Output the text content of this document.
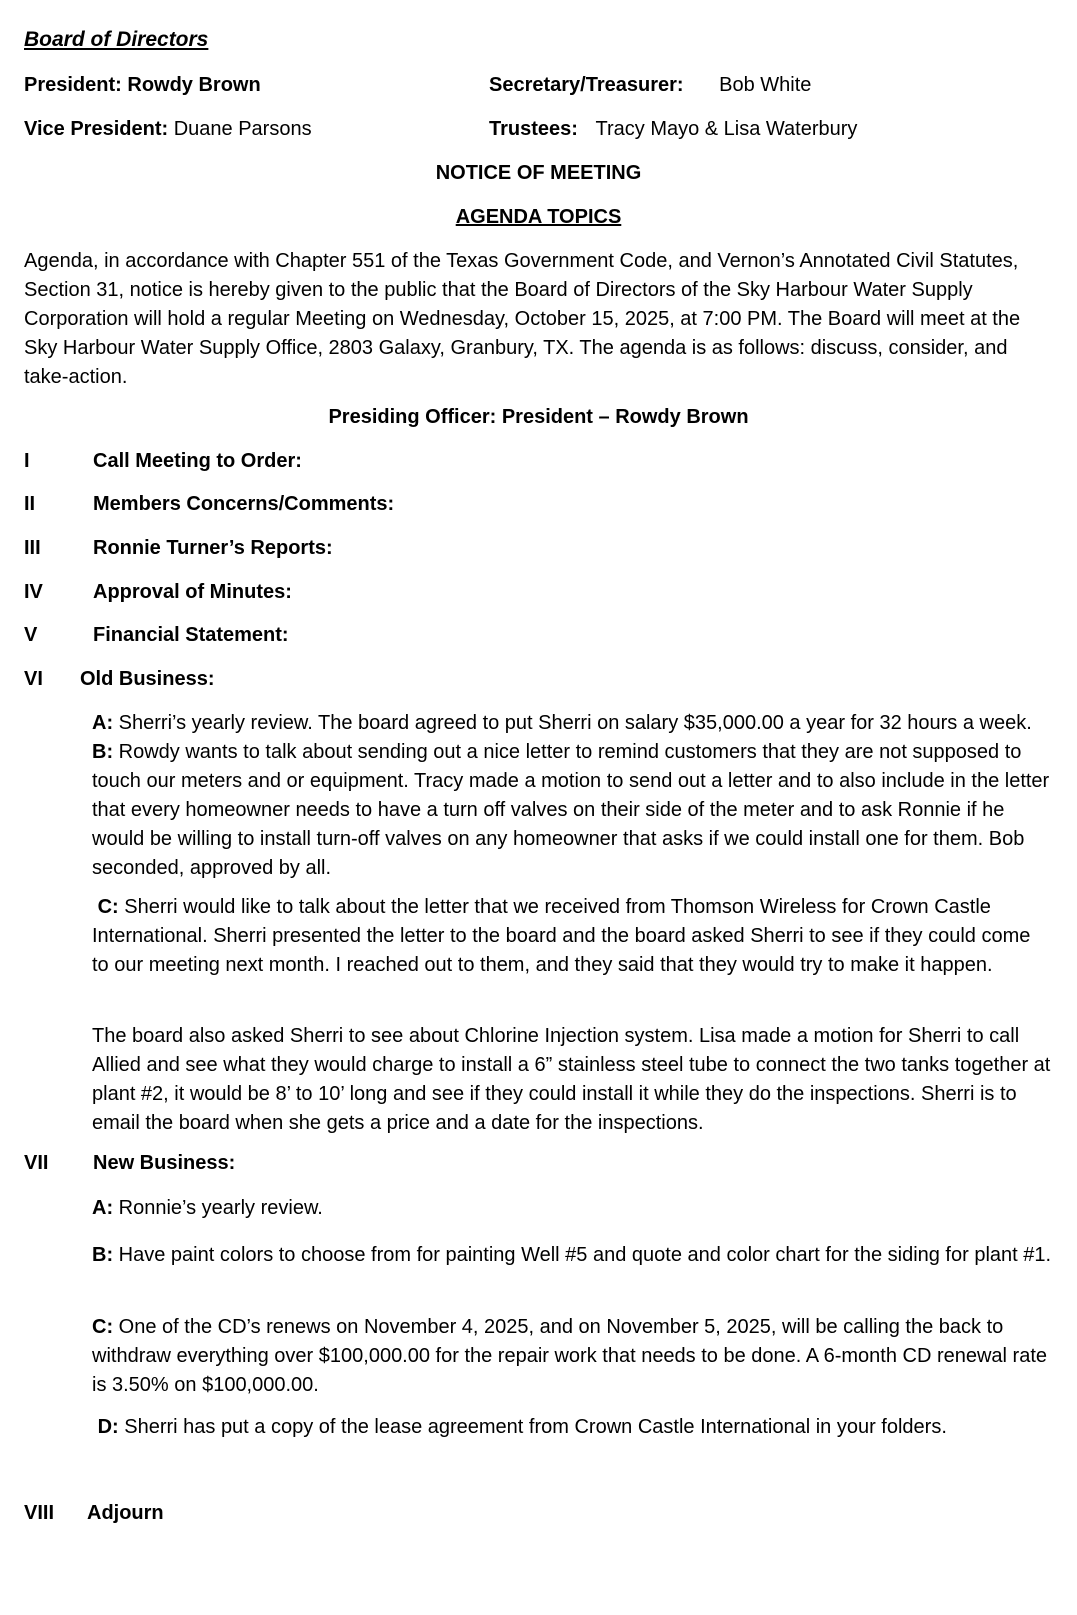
Board of Directors
President: Rowdy Brown	Secretary/Treasurer: Bob White
Vice President: Duane Parsons	Trustees: Tracy Mayo & Lisa Waterbury
NOTICE OF MEETING
AGENDA TOPICS
Agenda, in accordance with Chapter 551 of the Texas Government Code, and Vernon’s Annotated Civil Statutes, Section 31, notice is hereby given to the public that the Board of Directors of the Sky Harbour Water Supply Corporation will hold a regular Meeting on Wednesday, October 15, 2025, at 7:00 PM. The Board will meet at the Sky Harbour Water Supply Office, 2803 Galaxy, Granbury, TX. The agenda is as follows: discuss, consider, and take-action.
Presiding Officer: President – Rowdy Brown
I	Call Meeting to Order:
II	Members Concerns/Comments:
III	Ronnie Turner’s Reports:
IV	Approval of Minutes:
V	Financial Statement:
VI Old Business:
A: Sherri’s yearly review. The board agreed to put Sherri on salary $35,000.00 a year for 32 hours a week.
B: Rowdy wants to talk about sending out a nice letter to remind customers that they are not supposed to touch our meters and or equipment. Tracy made a motion to send out a letter and to also include in the letter that every homeowner needs to have a turn off valves on their side of the meter and to ask Ronnie if he would be willing to install turn-off valves on any homeowner that asks if we could install one for them. Bob seconded, approved by all.
C: Sherri would like to talk about the letter that we received from Thomson Wireless for Crown Castle International. Sherri presented the letter to the board and the board asked Sherri to see if they could come to our meeting next month. I reached out to them, and they said that they would try to make it happen.
The board also asked Sherri to see about Chlorine Injection system. Lisa made a motion for Sherri to call Allied and see what they would charge to install a 6” stainless steel tube to connect the two tanks together at plant #2, it would be 8’ to 10’ long and see if they could install it while they do the inspections. Sherri is to email the board when she gets a price and a date for the inspections.
VII New Business:
A: Ronnie’s yearly review.
B: Have paint colors to choose from for painting Well #5 and quote and color chart for the siding for plant #1.
C: One of the CD’s renews on November 4, 2025, and on November 5, 2025, will be calling the back to withdraw everything over $100,000.00 for the repair work that needs to be done. A 6-month CD renewal rate is 3.50% on $100,000.00.
D: Sherri has put a copy of the lease agreement from Crown Castle International in your folders.
VIII Adjourn
